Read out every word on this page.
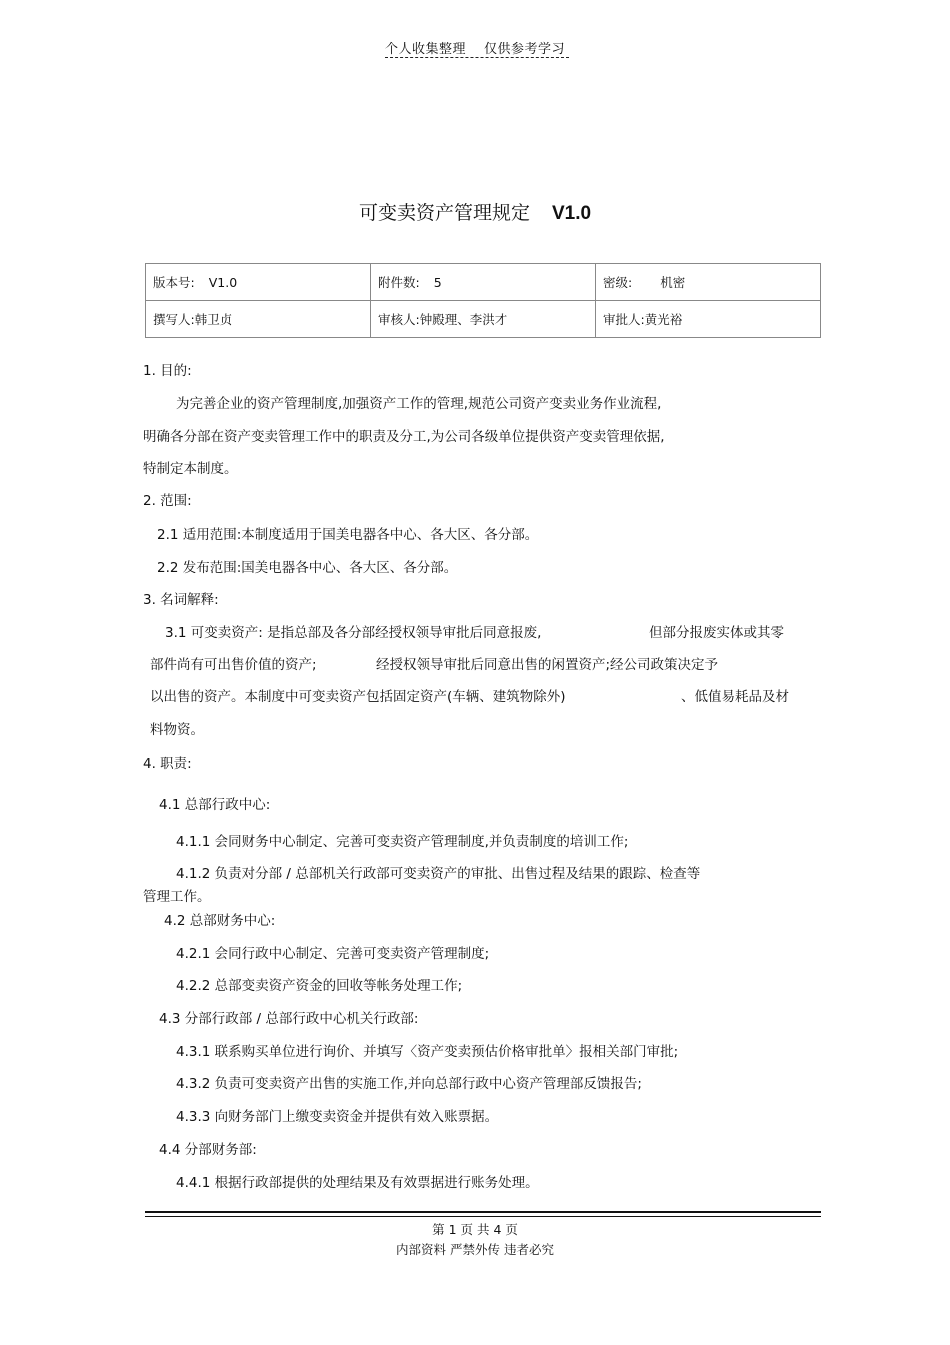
个人收集整理 仅供参考学习
可变卖资产管理规定 V1.0
版本号: V1.0	附件数: 5	密级: 机密
撰写人:韩卫贞	审核人:钟殿理、李洪才	审批人:黄光裕
1. 目的:
为完善企业的资产管理制度,加强资产工作的管理,规范公司资产变卖业务作业流程,
明确各分部在资产变卖管理工作中的职责及分工,为公司各级单位提供资产变卖管理依据,
特制定本制度。
2. 范围:
2.1 适用范围:本制度适用于国美电器各中心、各大区、各分部。
2.2 发布范围:国美电器各中心、各大区、各分部。
3. 名词解释:
3.1 可变卖资产: 是指总部及各分部经授权领导审批后同意报废,	但部分报废实体或其零
部件尚有可出售价值的资产;	经授权领导审批后同意出售的闲置资产;经公司政策决定予
以出售的资产。本制度中可变卖资产包括固定资产(车辆、建筑物除外)	、低值易耗品及材
料物资。
4. 职责:
4.1 总部行政中心:
4.1.1 会同财务中心制定、完善可变卖资产管理制度,并负责制度的培训工作;
4.1.2 负责对分部 / 总部机关行政部可变卖资产的审批、出售过程及结果的跟踪、检查等
管理工作。
4.2 总部财务中心:
4.2.1 会同行政中心制定、完善可变卖资产管理制度;
4.2.2 总部变卖资产资金的回收等帐务处理工作;
4.3 分部行政部 / 总部行政中心机关行政部:
4.3.1 联系购买单位进行询价、并填写〈资产变卖预估价格审批单〉报相关部门审批;
4.3.2 负责可变卖资产出售的实施工作,并向总部行政中心资产管理部反馈报告;
4.3.3 向财务部门上缴变卖资金并提供有效入账票据。
4.4 分部财务部:
4.4.1 根据行政部提供的处理结果及有效票据进行账务处理。
第 1 页 共 4 页
内部资料 严禁外传 违者必究
